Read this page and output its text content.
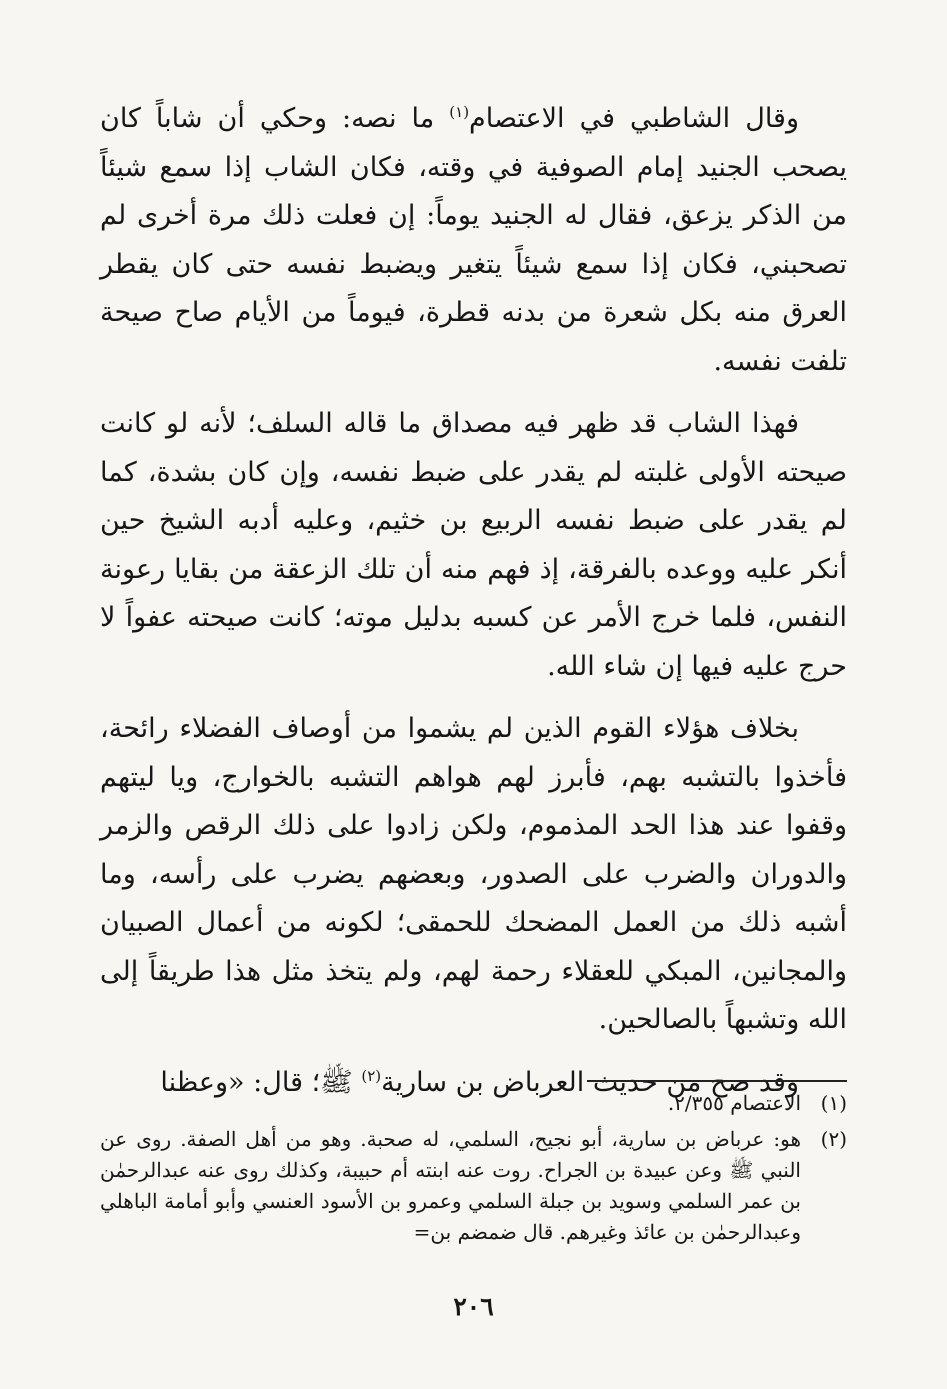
وقال الشاطبي في الاعتصام$^{(١)}$ ما نصه: وحكي أن شاباً كان يصحب الجنيد إمام الصوفية في وقته، فكان الشاب إذا سمع شيئاً من الذكر يزعق، فقال له الجنيد يوماً: إن فعلت ذلك مرة أخرى لم تصحبني، فكان إذا سمع شيئاً يتغير ويضبط نفسه حتى كان يقطر العرق منه بكل شعرة من بدنه قطرة، فيوماً من الأيام صاح صيحة تلفت نفسه.

فهذا الشاب قد ظهر فيه مصداق ما قاله السلف؛ لأنه لو كانت صيحته الأولى غلبته لم يقدر على ضبط نفسه، وإن كان بشدة، كما لم يقدر على ضبط نفسه الربيع بن خثيم، وعليه أدبه الشيخ حين أنكر عليه ووعده بالفرقة، إذ فهم منه أن تلك الزعقة من بقايا رعونة النفس، فلما خرج الأمر عن كسبه بدليل موته؛ كانت صيحته عفواً لا حرج عليه فيها إن شاء الله.

بخلاف هؤلاء القوم الذين لم يشموا من أوصاف الفضلاء رائحة، فأخذوا بالتشبه بهم، فأبرز لهم هواهم التشبه بالخوارج، ويا ليتهم وقفوا عند هذا الحد المذموم، ولكن زادوا على ذلك الرقص والزمر والدوران والضرب على الصدور، وبعضهم يضرب على رأسه، وما أشبه ذلك من العمل المضحك للحمقى؛ لكونه من أعمال الصبيان والمجانين، المبكي للعقلاء رحمة لهم، ولم يتخذ مثل هذا طريقاً إلى الله وتشبهاً بالصالحين.

وقد صح من حديث العرباض بن سارية$^{(٢)}$ ﷺ؛ قال: «وعظنا

(١)
الاعتصام ٢/٣٥٥.
(٢)
هو: عرباض بن سارية، أبو نجيح، السلمي، له صحبة. وهو من أهل الصفة. روى عن النبي ﷺ وعن عبيدة بن الجراح. روت عنه ابنته أم حبيبة، وكذلك روى عنه عبدالرحمٰن بن عمر السلمي وسويد بن جبلة السلمي وعمرو بن الأسود العنسي وأبو أمامة الباهلي وعبدالرحمٰن بن عائذ وغيرهم. قال ضمضم بن=
٢٠٦
